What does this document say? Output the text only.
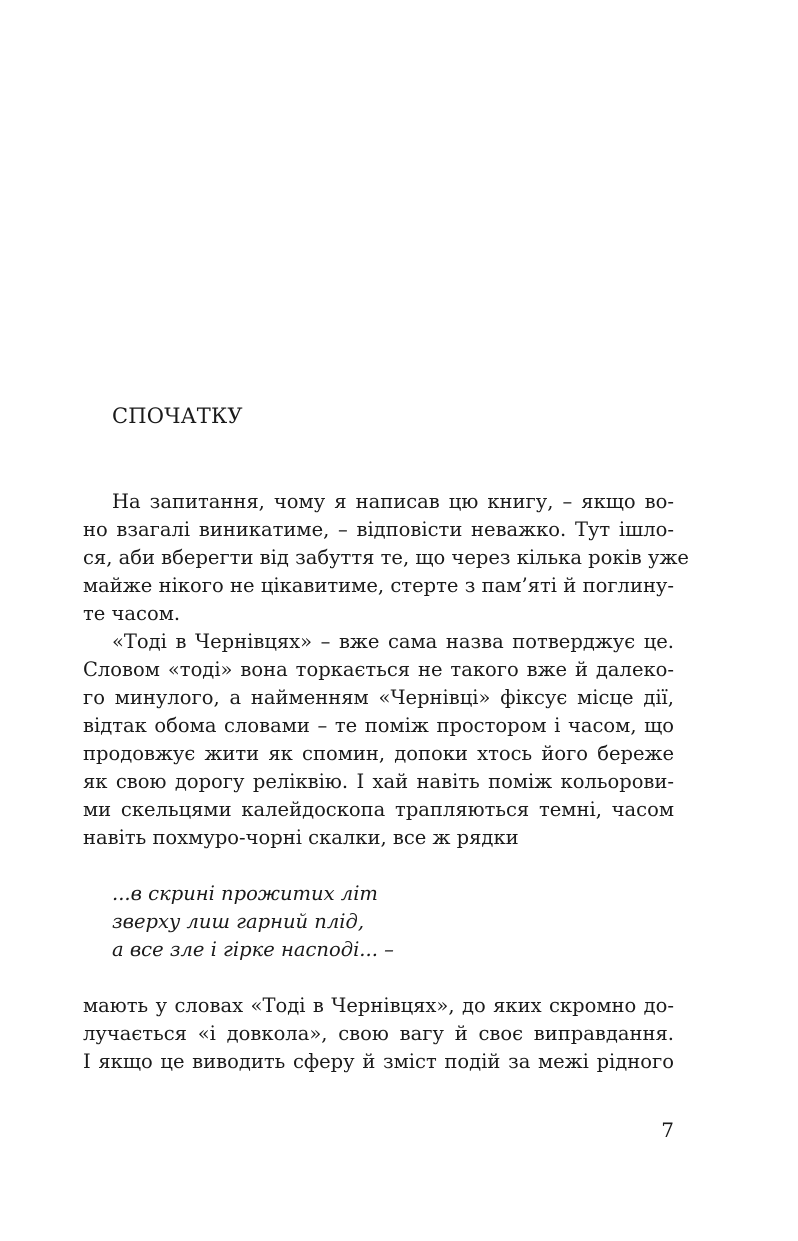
СПОЧАТКУ
На запитання, чому я написав цю книгу, – якщо во-
но взагалі виникатиме, – відповісти неважко. Тут ішло-
ся, аби вберегти від забуття те, що через кілька років уже
майже нікого не цікавитиме, стерте з пам’яті й поглину-
те часом.
«Тоді в Чернівцях» – вже сама назва потверджує це.
Словом «тоді» вона торкається не такого вже й далеко-
го минулого, а найменням «Чернівці» фіксує місце дії,
відтак обома словами – те поміж простором і часом, що
продовжує жити як спомин, допоки хтось його береже
як свою дорогу реліквію. І хай навіть поміж кольорови-
ми скельцями калейдоскопа трапляються темні, часом
навіть похмуро-чорні скалки, все ж рядки
...в скрині прожитих літ
зверху лиш гарний плід,
а все зле і гірке насподі... –
мають у словах «Тоді в Чернівцях», до яких скромно до-
лучається «і довкола», свою вагу й своє виправдання.
І якщо це виводить сферу й зміст подій за межі рідного
7
